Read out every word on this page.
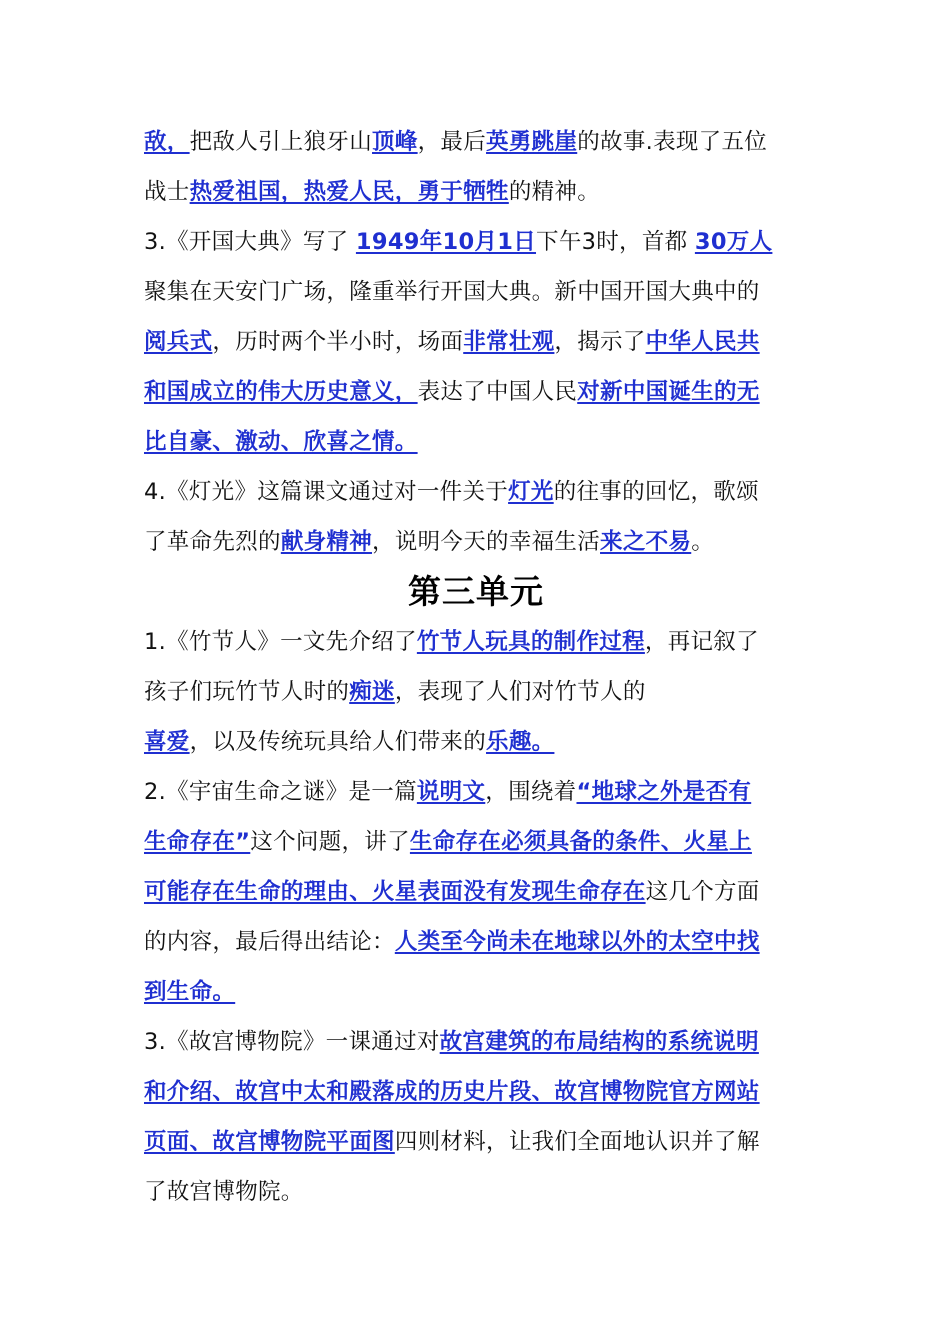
敌，把敌人引上狼牙山顶峰，最后英勇跳崖的故事.表现了五位
战士热爱祖国，热爱人民，勇于牺牲的精神。
3.《开国大典》写了 1949年10月1日下午3时，首都 30万人
聚集在天安门广场，隆重举行开国大典。新中国开国大典中的
阅兵式，历时两个半小时，场面非常壮观，揭示了中华人民共
和国成立的伟大历史意义，表达了中国人民对新中国诞生的无
比自豪、激动、欣喜之情。
4.《灯光》这篇课文通过对一件关于灯光的往事的回忆，歌颂
了革命先烈的献身精神，说明今天的幸福生活来之不易。
第三单元
1.《竹节人》一文先介绍了竹节人玩具的制作过程，再记叙了
孩子们玩竹节人时的痴迷，表现了人们对竹节人的
喜爱，以及传统玩具给人们带来的乐趣。
2.《宇宙生命之谜》是一篇说明文，围绕着“地球之外是否有
生命存在”这个问题，讲了生命存在必须具备的条件、火星上
可能存在生命的理由、火星表面没有发现生命存在这几个方面
的内容，最后得出结论：人类至今尚未在地球以外的太空中找
到生命。
3.《故宫博物院》一课通过对故宫建筑的布局结构的系统说明
和介绍、故宫中太和殿落成的历史片段、故宫博物院官方网站
页面、故宫博物院平面图四则材料，让我们全面地认识并了解
了故宫博物院。
